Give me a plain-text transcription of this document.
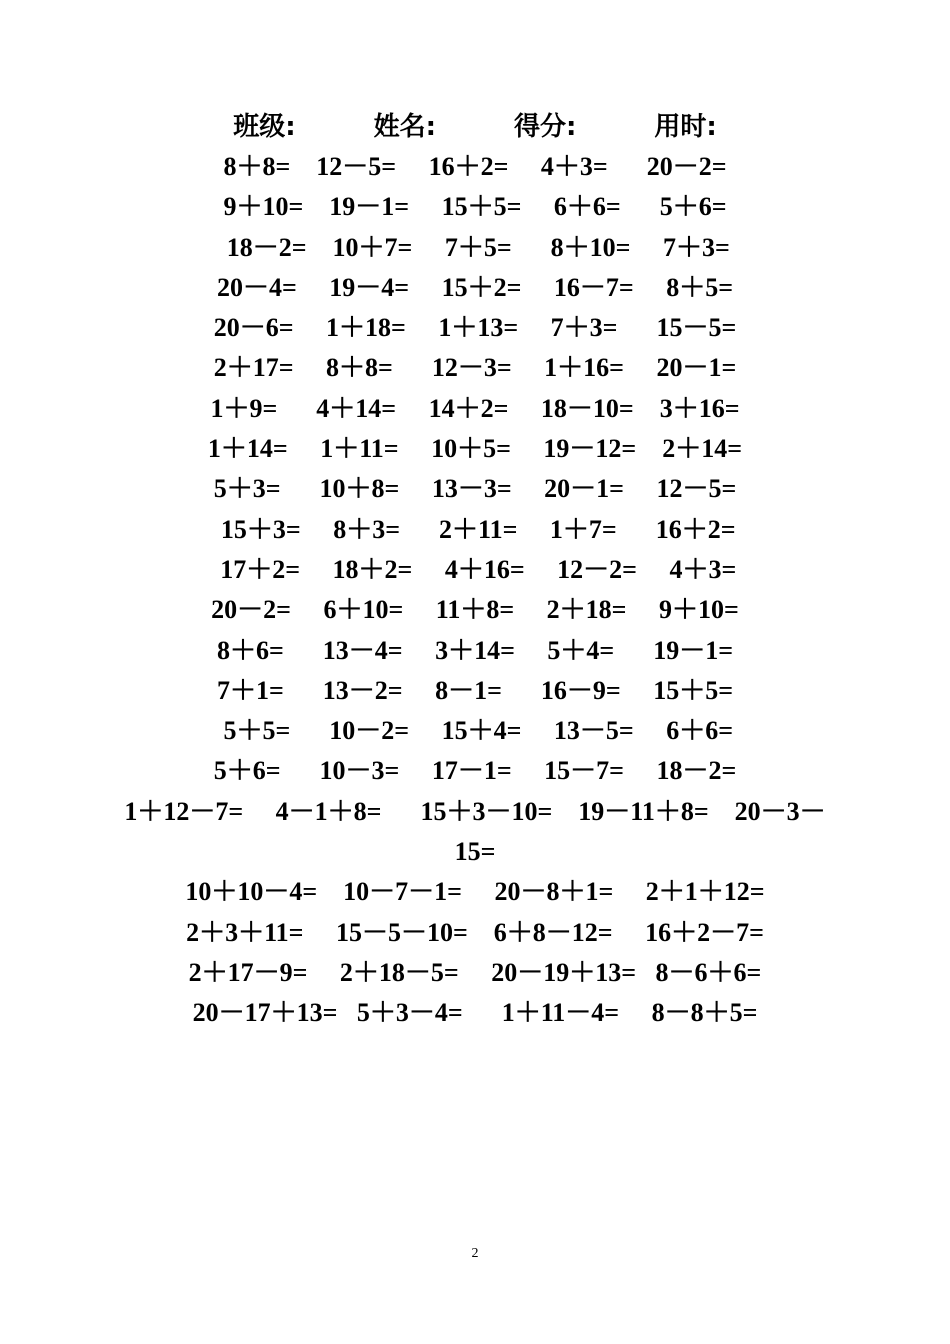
班级:	姓名:	得分:	用时:
8＋8=    12－5=     16＋2=     4＋3=      20－2=
9＋10=    19－1=     15＋5=     6＋6=      5＋6=
18－2=    10＋7=     7＋5=      8＋10=     7＋3=
20－4=     19－4=     15＋2=     16－7=     8＋5=
20－6=     1＋18=     1＋13=     7＋3=      15－5=
2＋17=     8＋8=      12－3=     1＋16=     20－1=
1＋9=      4＋14=     14＋2=     18－10=    3＋16=
1＋14=     1＋11=     10＋5=     19－12=    2＋14=
5＋3=      10＋8=     13－3=     20－1=     12－5=
15＋3=     8＋3=      2＋11=     1＋7=      16＋2=
17＋2=     18＋2=     4＋16=     12－2=     4＋3=
20－2=     6＋10=     11＋8=     2＋18=     9＋10=
8＋6=      13－4=     3＋14=     5＋4=      19－1=
7＋1=      13－2=     8－1=      16－9=     15＋5=
5＋5=      10－2=     15＋4=     13－5=     6＋6=
5＋6=      10－3=     17－1=     15－7=     18－2=
1＋12－7=     4－1＋8=      15＋3－10=    19－11＋8=    20－3－
15=
10＋10－4=    10－7－1=     20－8＋1=     2＋1＋12=
2＋3＋11=     15－5－10=    6＋8－12=     16＋2－7=
2＋17－9=     2＋18－5=     20－19＋13=   8－6＋6=
20－17＋13=   5＋3－4=      1＋11－4=     8－8＋5=
2
